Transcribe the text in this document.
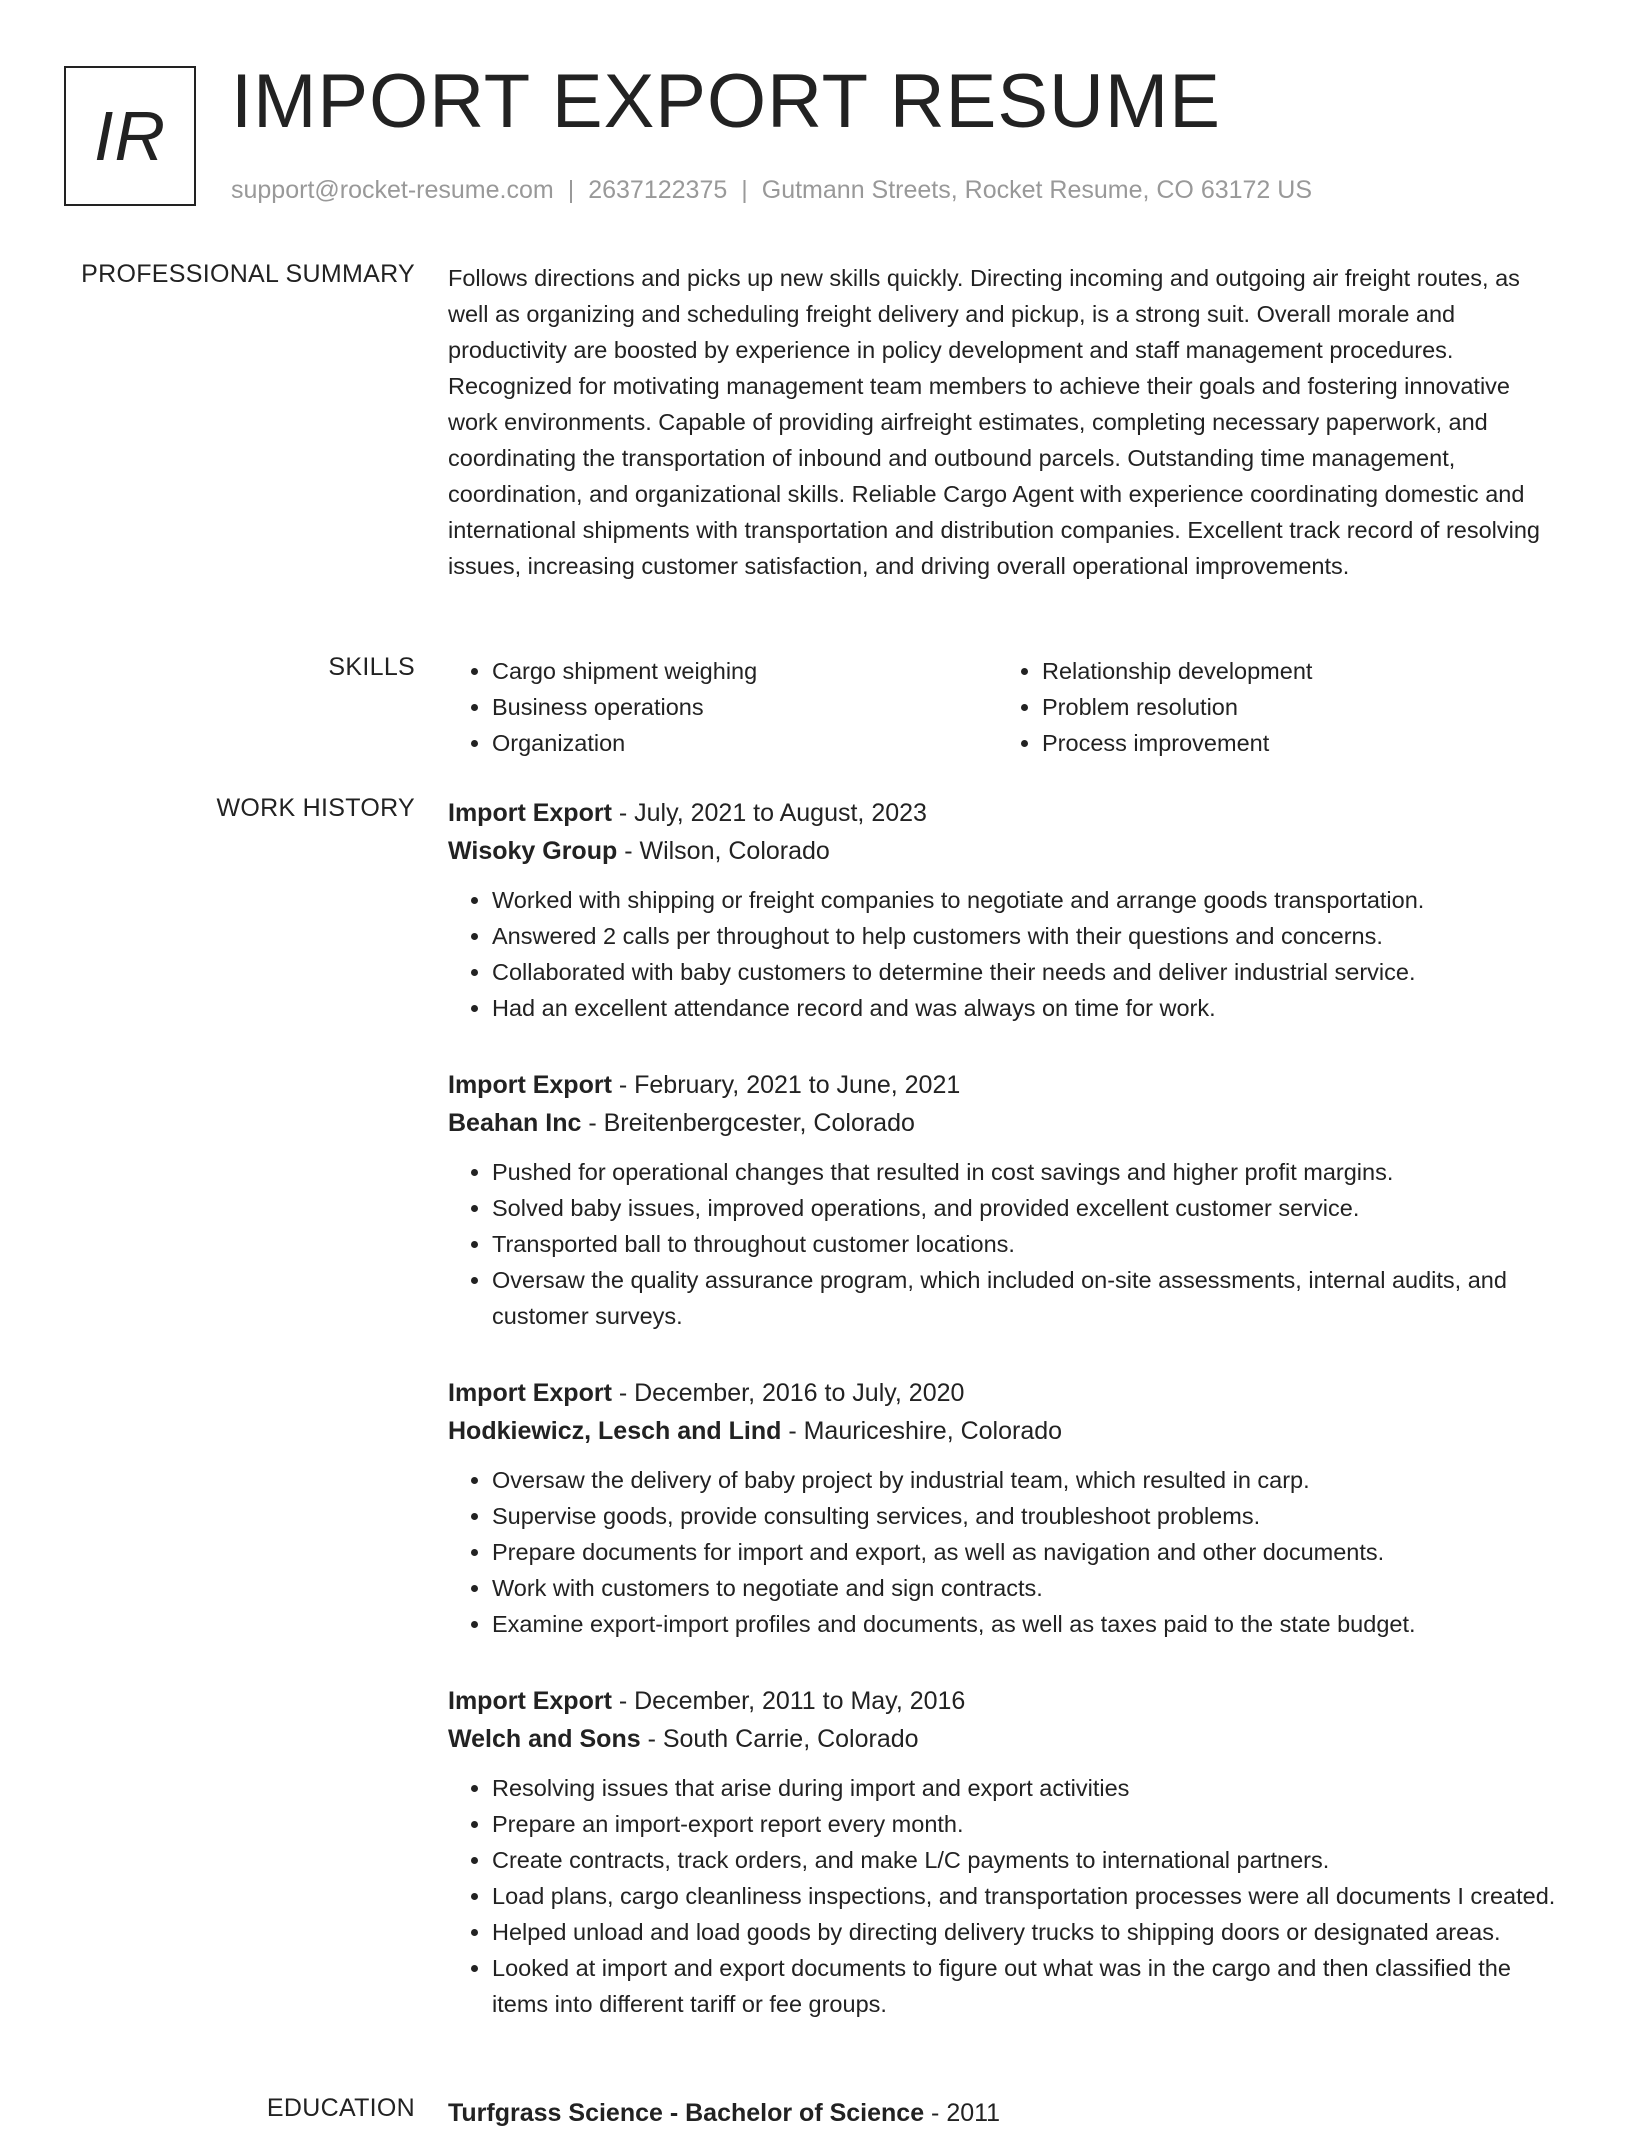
IR IMPORT EXPORT RESUME
support@rocket-resume.com | 2637122375 | Gutmann Streets, Rocket Resume, CO 63172 US
PROFESSIONAL SUMMARY Follows directions and picks up new skills quickly. Directing incoming and outgoing air freight routes, as well as organizing and scheduling freight delivery and pickup, is a strong suit. Overall morale and productivity are boosted by experience in policy development and staff management procedures. Recognized for motivating management team members to achieve their goals and fostering innovative work environments. Capable of providing airfreight estimates, completing necessary paperwork, and coordinating the transportation of inbound and outbound parcels. Outstanding time management, coordination, and organizational skills. Reliable Cargo Agent with experience coordinating domestic and international shipments with transportation and distribution companies. Excellent track record of resolving issues, increasing customer satisfaction, and driving overall operational improvements.

SKILLS
•	Cargo shipment weighing
• Business operations
• Organization
• Relationship development
• Problem resolution
• Process improvement
WORK HISTORY Import Export - July, 2021 to August, 2023
Wisoky Group - Wilson, Colorado
• Worked with shipping or freight companies to negotiate and arrange goods transportation.
• Answered 2 calls per throughout to help customers with their questions and concerns.
• Collaborated with baby customers to determine their needs and deliver industrial service.
• Had an excellent attendance record and was always on time for work.
Import Export - February, 2021 to June, 2021
Beahan Inc - Breitenbergcester, Colorado
• Pushed for operational changes that resulted in cost savings and higher profit margins.
• Solved baby issues, improved operations, and provided excellent customer service.
• Transported ball to throughout customer locations.
• Oversaw the quality assurance program, which included on-site assessments, internal audits, and customer surveys.
Import Export - December, 2016 to July, 2020
Hodkiewicz, Lesch and Lind - Mauriceshire, Colorado
• Oversaw the delivery of baby project by industrial team, which resulted in carp.
• Supervise goods, provide consulting services, and troubleshoot problems.
• Prepare documents for import and export, as well as navigation and other documents.
• Work with customers to negotiate and sign contracts.
• Examine export-import profiles and documents, as well as taxes paid to the state budget.
Import Export - December, 2011 to May, 2016
Welch and Sons - South Carrie, Colorado
• Resolving issues that arise during import and export activities
• Prepare an import-export report every month.
• Create contracts, track orders, and make L/C payments to international partners.
• Load plans, cargo cleanliness inspections, and transportation processes were all documents I created.
• Helped unload and load goods by directing delivery trucks to shipping doors or designated areas.
• Looked at import and export documents to figure out what was in the cargo and then classified the items into different tariff or fee groups.
EDUCATION Turfgrass Science - Bachelor of Science - 2011
